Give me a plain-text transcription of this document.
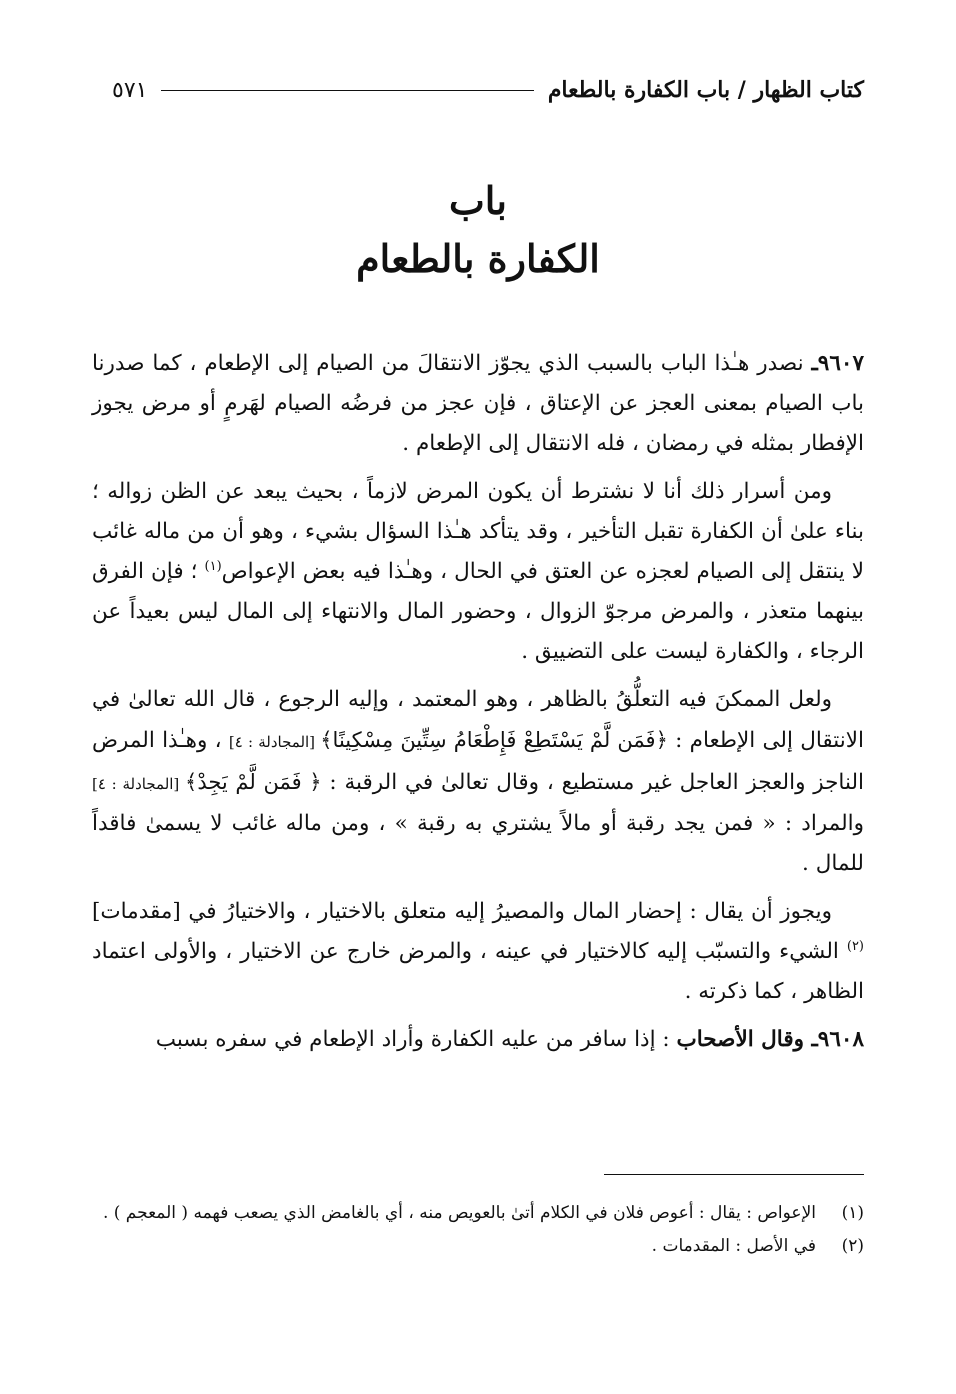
كتاب الظهار / باب الكفارة بالطعام
٥٧١
باب
الكفارة بالطعام

٩٦٠٧ـ نصدر هـٰذا الباب بالسبب الذي يجوّز الانتقالَ من الصيام إلى الإطعام ، كما صدرنا باب الصيام بمعنى العجز عن الإعتاق ، فإن عجز من فرضُه الصيام لهَرمٍ أو مرض يجوز الإفطار بمثله في رمضان ، فله الانتقال إلى الإطعام .

ومن أسرار ذلك أنا لا نشترط أن يكون المرض لازماً ، بحيث يبعد عن الظن زواله ؛ بناء علىٰ أن الكفارة تقبل التأخير ، وقد يتأكد هـٰذا السؤال بشيء ، وهو أن من ماله غائب لا ينتقل إلى الصيام لعجزه عن العتق في الحال ، وهـٰذا فيه بعض الإعواص$^{(١)}$ ؛ فإن الفرق بينهما متعذر ، والمرض مرجوّ الزوال ، وحضور المال والانتهاء إلى المال ليس بعيداً عن الرجاء ، والكفارة ليست على التضييق .

ولعل الممكنَ فيه التعلُّقُ بالظاهر ، وهو المعتمد ، وإليه الرجوع ، قال الله تعالىٰ في الانتقال إلى الإطعام : ﴿فَمَن لَّمْ يَسْتَطِعْ فَإِطْعَامُ سِتِّينَ مِسْكِينًا﴾ [المجادلة : ٤] ، وهـٰذا المرض الناجز والعجز العاجل غير مستطيع ، وقال تعالىٰ في الرقبة : ﴿ فَمَن لَّمْ يَجِدْ﴾ [المجادلة : ٤] والمراد : « فمن يجد رقبة أو مالاً يشتري به رقبة » ، ومن ماله غائب لا يسمىٰ فاقداً للمال .

ويجوز أن يقال : إحضار المال والمصيرُ إليه متعلق بالاختيار ، والاختيارُ في [مقدمات]$^{(٢)}$ الشيء والتسبّب إليه كالاختيار في عينه ، والمرض خارج عن الاختيار ، والأولى اعتماد الظاهر ، كما ذكرته .

٩٦٠٨ـ وقال الأصحاب : إذا سافر من عليه الكفارة وأراد الإطعام في سفره بسبب

(١)
الإعواص : يقال : أعوص فلان في الكلام أتىٰ بالعويص منه ، أي بالغامض الذي يصعب فهمه ( المعجم ) .
(٢)
في الأصل : المقدمات .
